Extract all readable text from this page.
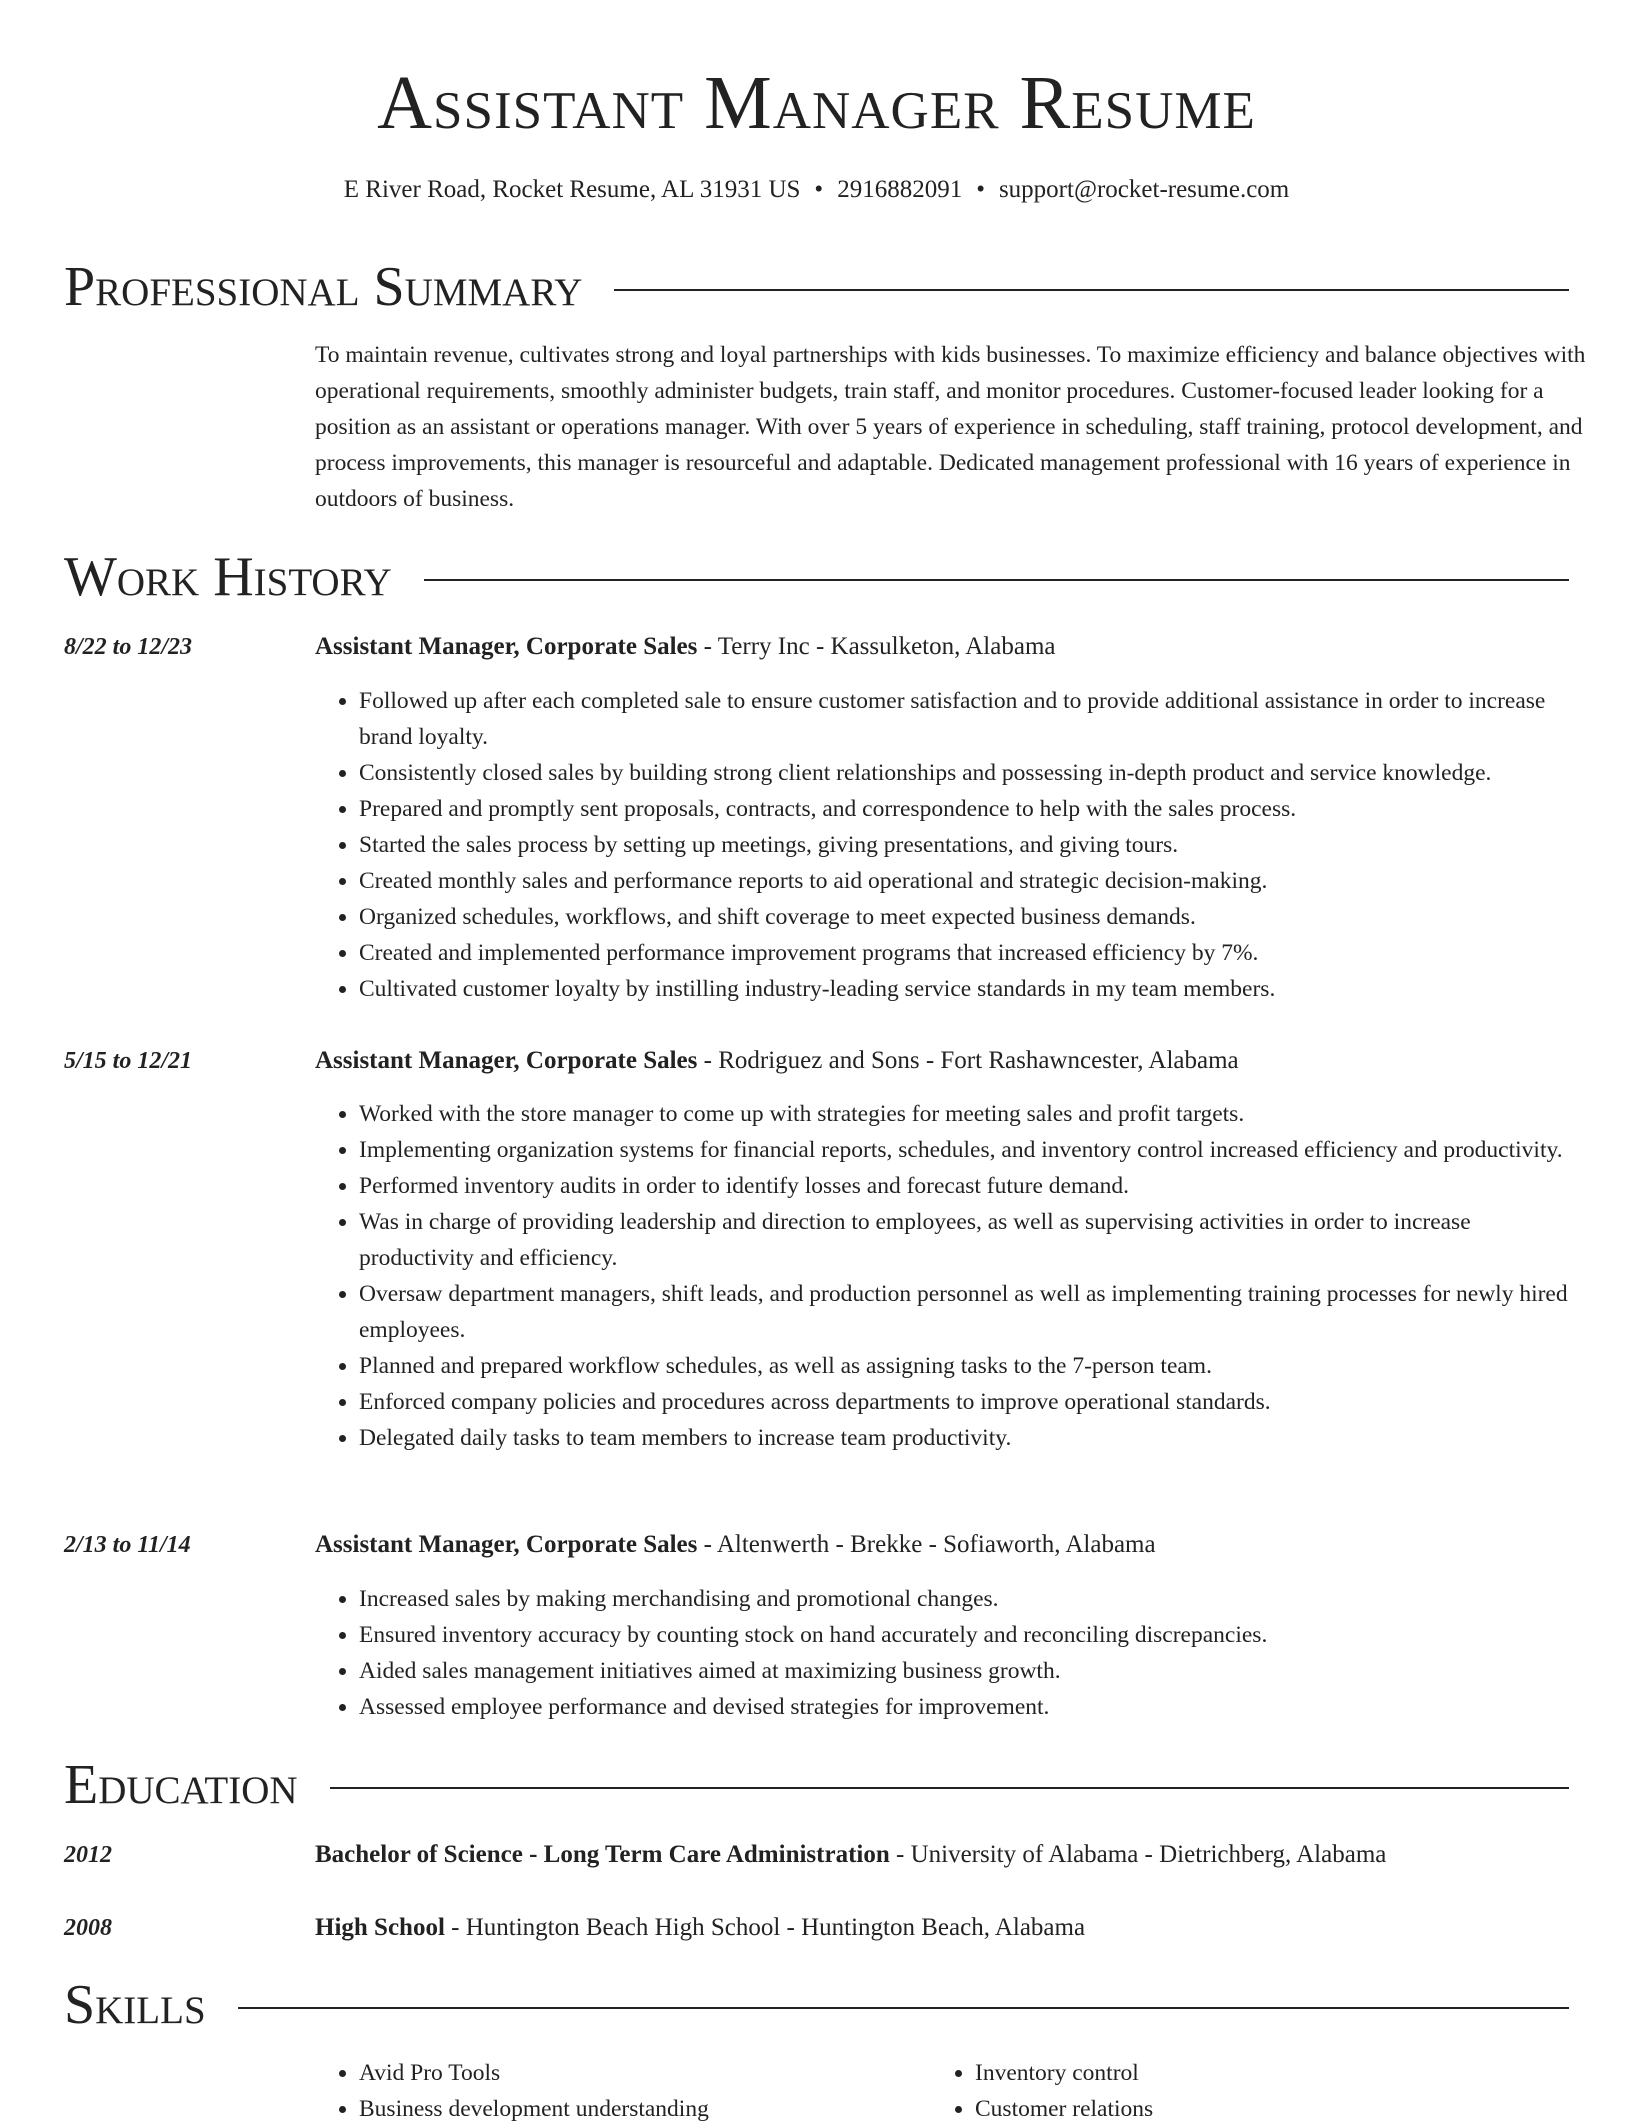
Assistant Manager Resume
E River Road, Rocket Resume, AL 31931 US • 2916882091 • support@rocket-resume.com
Professional Summary
To maintain revenue, cultivates strong and loyal partnerships with kids businesses. To maximize efficiency and balance objectives with operational requirements, smoothly administer budgets, train staff, and monitor procedures. Customer-focused leader looking for a position as an assistant or operations manager. With over 5 years of experience in scheduling, staff training, protocol development, and process improvements, this manager is resourceful and adaptable. Dedicated management professional with 16 years of experience in outdoors of business.
Work History
8/22 to 12/23	Assistant Manager, Corporate Sales - Terry Inc - Kassulketon, Alabama
• Followed up after each completed sale to ensure customer satisfaction and to provide additional assistance in order to increase brand loyalty.
• Consistently closed sales by building strong client relationships and possessing in-depth product and service knowledge.
• Prepared and promptly sent proposals, contracts, and correspondence to help with the sales process.
• Started the sales process by setting up meetings, giving presentations, and giving tours.
• Created monthly sales and performance reports to aid operational and strategic decision-making.
• Organized schedules, workflows, and shift coverage to meet expected business demands.
• Created and implemented performance improvement programs that increased efficiency by 7%.
• Cultivated customer loyalty by instilling industry-leading service standards in my team members.
5/15 to 12/21	Assistant Manager, Corporate Sales - Rodriguez and Sons - Fort Rashawncester, Alabama
• Worked with the store manager to come up with strategies for meeting sales and profit targets.
• Implementing organization systems for financial reports, schedules, and inventory control increased efficiency and productivity.
• Performed inventory audits in order to identify losses and forecast future demand.
• Was in charge of providing leadership and direction to employees, as well as supervising activities in order to increase productivity and efficiency.
• Oversaw department managers, shift leads, and production personnel as well as implementing training processes for newly hired employees.
• Planned and prepared workflow schedules, as well as assigning tasks to the 7-person team.
• Enforced company policies and procedures across departments to improve operational standards.
• Delegated daily tasks to team members to increase team productivity.
2/13 to 11/14	Assistant Manager, Corporate Sales - Altenwerth - Brekke - Sofiaworth, Alabama
• Increased sales by making merchandising and promotional changes.
• Ensured inventory accuracy by counting stock on hand accurately and reconciling discrepancies.
• Aided sales management initiatives aimed at maximizing business growth.
• Assessed employee performance and devised strategies for improvement.
Education
2012	Bachelor of Science - Long Term Care Administration - University of Alabama - Dietrichberg, Alabama
2008	High School - Huntington Beach High School - Huntington Beach, Alabama
Skills
• Avid Pro Tools
• Business development understanding
• Inventory control
• Customer relations
